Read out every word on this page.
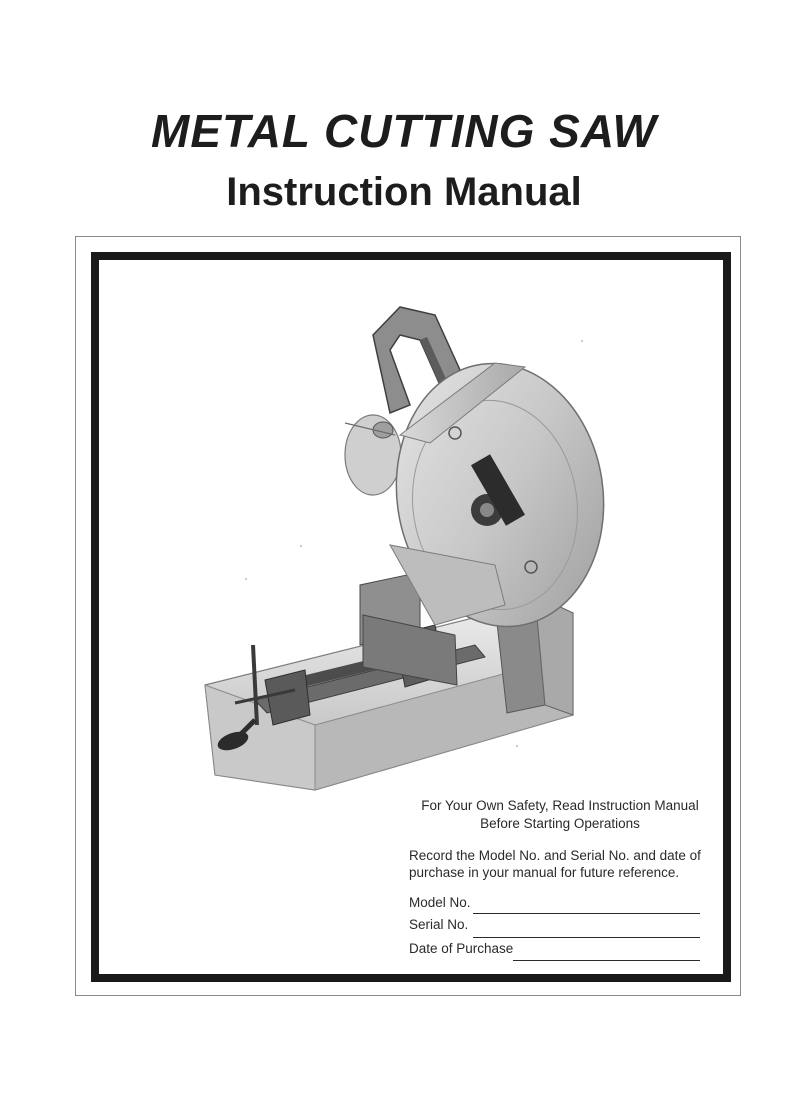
METAL CUTTING SAW
Instruction Manual
For Your Own Safety, Read Instruction Manual
Before Starting Operations
Record the Model No. and Serial No. and date of
purchase in your manual for future reference.
Model No.
Serial No.
Date of Purchase
